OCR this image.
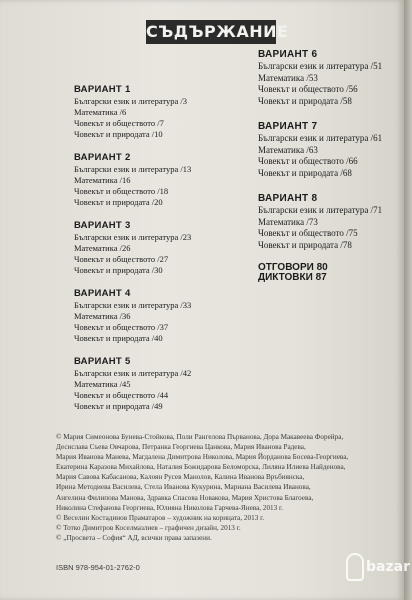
СЪДЪРЖАНИЕ
ВАРИАНТ 1
Български език и литература /3
Математика /6
Човекът и обществото /7
Човекът и природата /10
ВАРИАНТ 2
Български език и литература /13
Математика /16
Човекът и обществото /18
Човекът и природата /20
ВАРИАНТ 3
Български език и литература /23
Математика /26
Човекът и обществото /27
Човекът и природата /30
ВАРИАНТ 4
Български език и литература /33
Математика /36
Човекът и обществото /37
Човекът и природата /40
ВАРИАНТ 5
Български език и литература /42
Математика /45
Човекът и обществото /44
Човекът и природата /49
ВАРИАНТ 6
Български език и литература /51
Математика /53
Човекът и обществото /56
Човекът и природата /58
ВАРИАНТ 7
Български език и литература /61
Математика /63
Човекът и обществото /66
Човекът и природата /68
ВАРИАНТ 8
Български език и литература /71
Математика /73
Човекът и обществото /75
Човекът и природата /78
ОТГОВОРИ 80
ДИКТОВКИ 87
© Мария Симеонова Бунева-Стойкова, Поли Рангелова Първанова, Дора Макавеева Форейра,
Десислава Съева Овчарова, Петранка Георгиева Цанкова, Мария Иванова Радева,
Мария Иванова Манева, Магдалена Димитрова Николова, Мария Йорданова Босева-Георгиева,
Екатерина Каразова Михайлова, Наталия Божидарова Беломорска, Лиляна Илиева Найденова,
Мария Савова Кабасанова, Калоян Русев Манолов, Калина Иванова Връбиянска,
Ирина Методиева Василева, Стела Иванова Кукурина, Мариана Василева Иванова,
Ангелина Филипова Манова, Здравка Спасова Новакова, Мария Христова Благоева,
Николина Стефанова Георгиева, Юлияна Николова Гарчева-Янева, 2013 г.
© Веселин Костадинов Праматаров – художник на корицата, 2013 г.
© Тотко Димитров Коселмазлиев – графичен дизайн, 2013 г.
© „Просвета – София“ АД, всички права запазени.
ISBN 978-954-01-2762-0	bazar
